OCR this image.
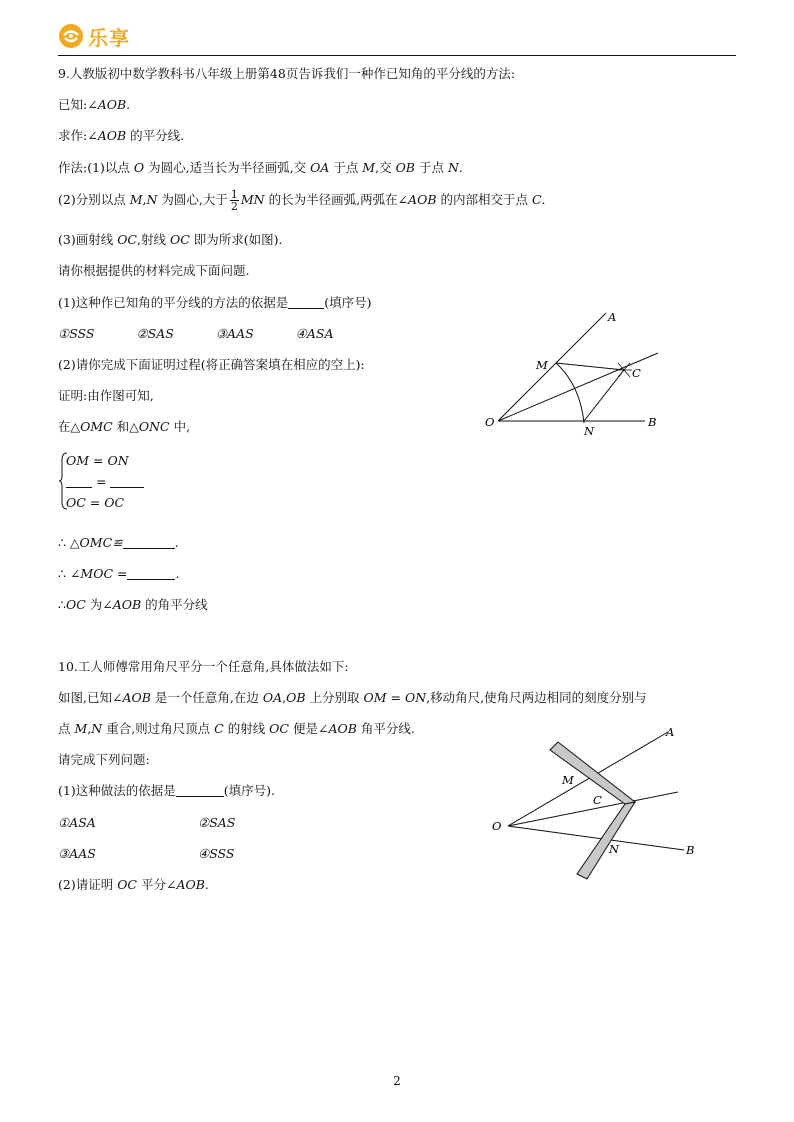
乐享
9.人教版初中数学教科书八年级上册第48页告诉我们一种作已知角的平分线的方法:
已知:∠AOB.
求作:∠AOB 的平分线.
作法:(1)以点 O 为圆心,适当长为半径画弧,交 OA 于点 M,交 OB 于点 N.
(2)分别以点 M,N 为圆心,大于 $\frac{1}{2}$ MN 的长为半径画弧,两弧在∠AOB 的内部相交于点 C.
(3)画射线 OC,射线 OC 即为所求(如图).
请你根据提供的材料完成下面问题.
(1)这种作已知角的平分线的方法的依据是	(填序号)
①SSS	②SAS	③AAS	④ASA
(2)请你完成下面证明过程(将正确答案填在相应的空上):
证明:由作图可知,
在△OMC 和△ONC 中,
OM = ON
=
OC = OC
∴ △OMC≌	.
∴ ∠MOC =	.
∴OC 为∠AOB 的角平分线
A
M
C
O
N
B
10.工人师傅常用角尺平分一个任意角,具体做法如下:
如图,已知∠AOB 是一个任意角,在边 OA,OB 上分别取 OM = ON,移动角尺,使角尺两边相同的刻度分别与
点 M,N 重合,则过角尺顶点 C 的射线 OC 便是∠AOB 角平分线.
请完成下列问题:
(1)这种做法的依据是	(填序号).
①ASA	②SAS
③AAS	④SSS
(2)请证明 OC 平分∠AOB.
A
M
C
O
N	B
2
